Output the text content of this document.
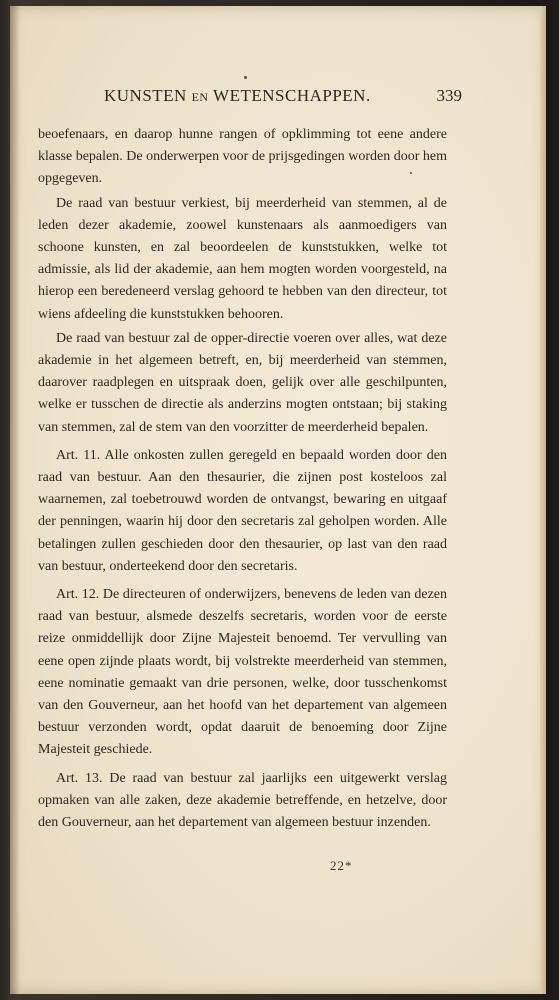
KUNSTEN EN WETENSCHAPPEN.	339

beoefenaars, en daarop hunne rangen of opklimming tot eene andere klasse bepalen. De onderwerpen voor de prijsgedingen worden door hem opgegeven.

De raad van bestuur verkiest, bij meerderheid van stemmen, al de leden dezer akademie, zoowel kunstenaars als aanmoedigers van schoone kunsten, en zal beoordeelen de kunststukken, welke tot admissie, als lid der akademie, aan hem mogten worden voorgesteld, na hierop een beredeneerd verslag gehoord te hebben van den directeur, tot wiens afdeeling die kunststukken behooren.

De raad van bestuur zal de opper-directie voeren over alles, wat deze akademie in het algemeen betreft, en, bij meerderheid van stemmen, daarover raadplegen en uitspraak doen, gelijk over alle geschilpunten, welke er tusschen de directie als anderzins mogten ontstaan; bij staking van stemmen, zal de stem van den voorzitter de meerderheid bepalen.

Art. 11. Alle onkosten zullen geregeld en bepaald worden door den raad van bestuur. Aan den thesaurier, die zijnen post kosteloos zal waarnemen, zal toebetrouwd worden de ontvangst, bewaring en uitgaaf der penningen, waarin hij door den secretaris zal geholpen worden. Alle betalingen zullen geschieden door den thesaurier, op last van den raad van bestuur, onderteekend door den secretaris.

Art. 12. De directeuren of onderwijzers, benevens de leden van dezen raad van bestuur, alsmede deszelfs secretaris, worden voor de eerste reize onmiddellijk door Zijne Majesteit benoemd. Ter vervulling van eene open zijnde plaats wordt, bij volstrekte meerderheid van stemmen, eene nominatie gemaakt van drie personen, welke, door tusschenkomst van den Gouverneur, aan het hoofd van het departement van algemeen bestuur verzonden wordt, opdat daaruit de benoeming door Zijne Majesteit geschiede.

Art. 13. De raad van bestuur zal jaarlijks een uitgewerkt verslag opmaken van alle zaken, deze akademie betreffende, en hetzelve, door den Gouverneur, aan het departement van algemeen bestuur inzenden.

22*
